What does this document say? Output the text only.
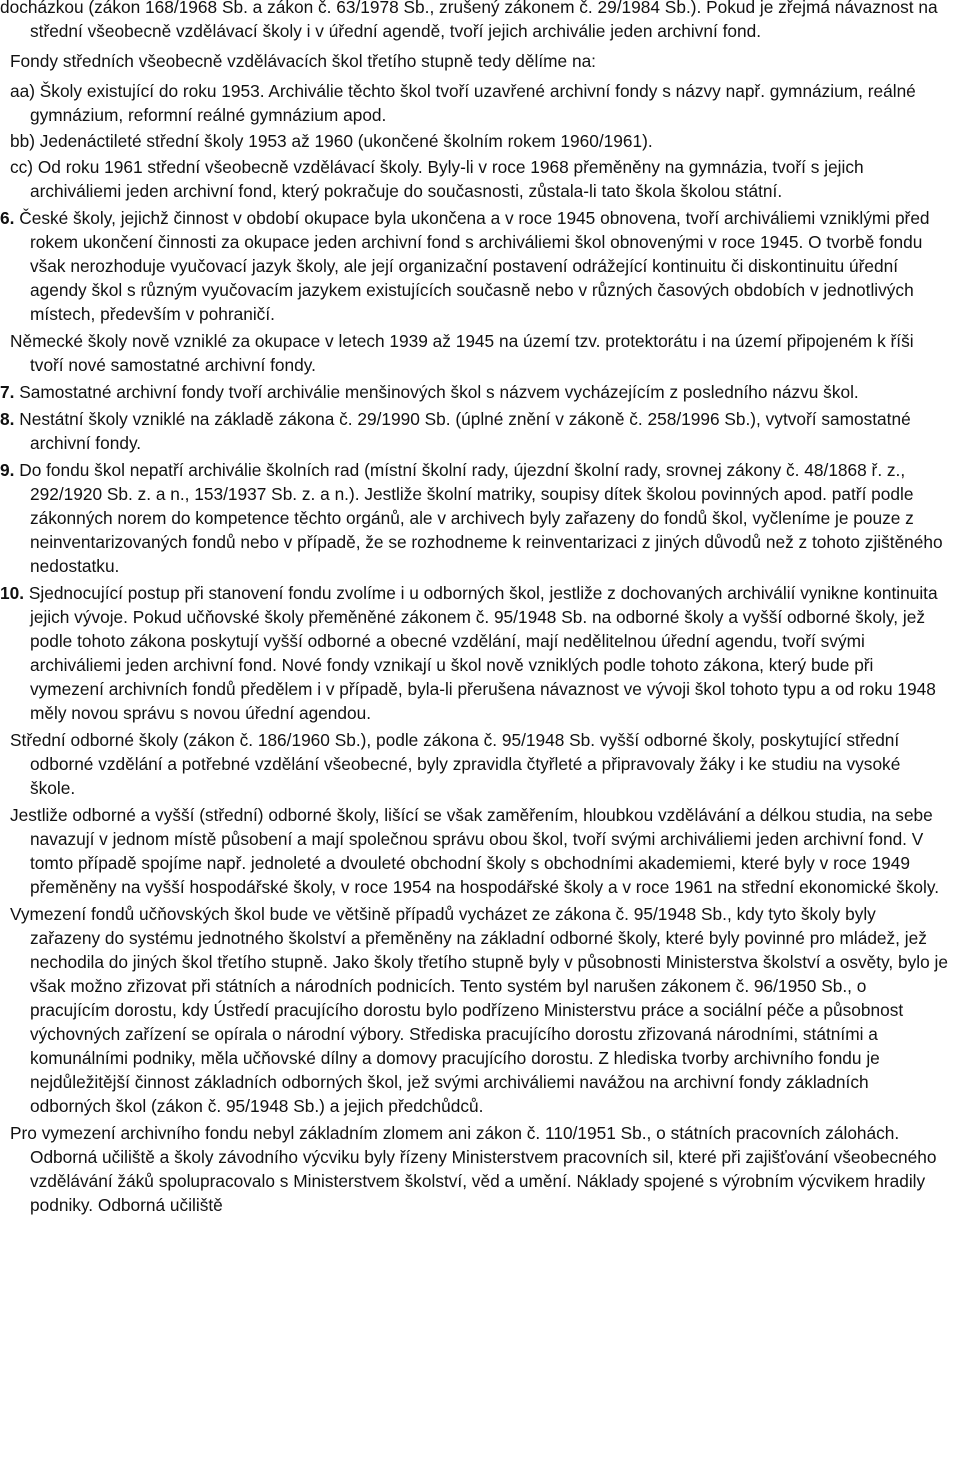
docházkou (zákon 168/1968 Sb. a zákon č. 63/1978 Sb., zrušený zákonem č. 29/1984 Sb.). Pokud je zřejmá návaznost na střední všeobecně vzdělávací školy i v úřední agendě, tvoří jejich archiválie jeden archivní fond.

Fondy středních všeobecně vzdělávacích škol třetího stupně tedy dělíme na:

aa) Školy existující do roku 1953. Archiválie těchto škol tvoří uzavřené archivní fondy s názvy např. gymnázium, reálné gymnázium, reformní reálné gymnázium apod.

bb) Jedenáctileté střední školy 1953 až 1960 (ukončené školním rokem 1960/1961).

cc) Od roku 1961 střední všeobecně vzdělávací školy. Byly-li v roce 1968 přeměněny na gymnázia, tvoří s jejich archiváliemi jeden archivní fond, který pokračuje do současnosti, zůstala-li tato škola školou státní.

6. České školy, jejichž činnost v období okupace byla ukončena a v roce 1945 obnovena, tvoří archiváliemi vzniklými před rokem ukončení činnosti za okupace jeden archivní fond s archiváliemi škol obnovenými v roce 1945. O tvorbě fondu však nerozhoduje vyučovací jazyk školy, ale její organizační postavení odrážející kontinuitu či diskontinuitu úřední agendy škol s různým vyučovacím jazykem existujících současně nebo v různých časových obdobích v jednotlivých místech, především v pohraničí.

Německé školy nově vzniklé za okupace v letech 1939 až 1945 na území tzv. protektorátu i na území připojeném k říši tvoří nové samostatné archivní fondy.

7. Samostatné archivní fondy tvoří archiválie menšinových škol s názvem vycházejícím z posledního názvu škol.

8. Nestátní školy vzniklé na základě zákona č. 29/1990 Sb. (úplné znění v zákoně č. 258/1996 Sb.), vytvoří samostatné archivní fondy.

9. Do fondu škol nepatří archiválie školních rad (místní školní rady, újezdní školní rady, srovnej zákony č. 48/1868 ř. z., 292/1920 Sb. z. a n., 153/1937 Sb. z. a n.). Jestliže školní matriky, soupisy dítek školou povinných apod. patří podle zákonných norem do kompetence těchto orgánů, ale v archivech byly zařazeny do fondů škol, vyčleníme je pouze z neinventarizovaných fondů nebo v případě, že se rozhodneme k reinventarizaci z jiných důvodů než z tohoto zjištěného nedostatku.

10. Sjednocující postup při stanovení fondu zvolíme i u odborných škol, jestliže z dochovaných archiválií vynikne kontinuita jejich vývoje. Pokud učňovské školy přeměněné zákonem č. 95/1948 Sb. na odborné školy a vyšší odborné školy, jež podle tohoto zákona poskytují vyšší odborné a obecné vzdělání, mají nedělitelnou úřední agendu, tvoří svými archiváliemi jeden archivní fond. Nové fondy vznikají u škol nově vzniklých podle tohoto zákona, který bude při vymezení archivních fondů předělem i v případě, byla-li přerušena návaznost ve vývoji škol tohoto typu a od roku 1948 měly novou správu s novou úřední agendou.

Střední odborné školy (zákon č. 186/1960 Sb.), podle zákona č. 95/1948 Sb. vyšší odborné školy, poskytující střední odborné vzdělání a potřebné vzdělání všeobecné, byly zpravidla čtyřleté a připravovaly žáky i ke studiu na vysoké škole.

Jestliže odborné a vyšší (střední) odborné školy, lišící se však zaměřením, hloubkou vzdělávání a délkou studia, na sebe navazují v jednom místě působení a mají společnou správu obou škol, tvoří svými archiváliemi jeden archivní fond. V tomto případě spojíme např. jednoleté a dvouleté obchodní školy s obchodními akademiemi, které byly v roce 1949 přeměněny na vyšší hospodářské školy, v roce 1954 na hospodářské školy a v roce 1961 na střední ekonomické školy.

Vymezení fondů učňovských škol bude ve většině případů vycházet ze zákona č. 95/1948 Sb., kdy tyto školy byly zařazeny do systému jednotného školství a přeměněny na základní odborné školy, které byly povinné pro mládež, jež nechodila do jiných škol třetího stupně. Jako školy třetího stupně byly v působnosti Ministerstva školství a osvěty, bylo je však možno zřizovat při státních a národních podnicích. Tento systém byl narušen zákonem č. 96/1950 Sb., o pracujícím dorostu, kdy Ústředí pracujícího dorostu bylo podřízeno Ministerstvu práce a sociální péče a působnost výchovných zařízení se opírala o národní výbory. Střediska pracujícího dorostu zřizovaná národními, státními a komunálními podniky, měla učňovské dílny a domovy pracujícího dorostu. Z hlediska tvorby archivního fondu je nejdůležitější činnost základních odborných škol, jež svými archiváliemi navážou na archivní fondy základních odborných škol (zákon č. 95/1948 Sb.) a jejich předchůdců.

Pro vymezení archivního fondu nebyl základním zlomem ani zákon č. 110/1951 Sb., o státních pracovních zálohách. Odborná učiliště a školy závodního výcviku byly řízeny Ministerstvem pracovních sil, které při zajišťování všeobecného vzdělávání žáků spolupracovalo s Ministerstvem školství, věd a umění. Náklady spojené s výrobním výcvikem hradily podniky. Odborná učiliště
